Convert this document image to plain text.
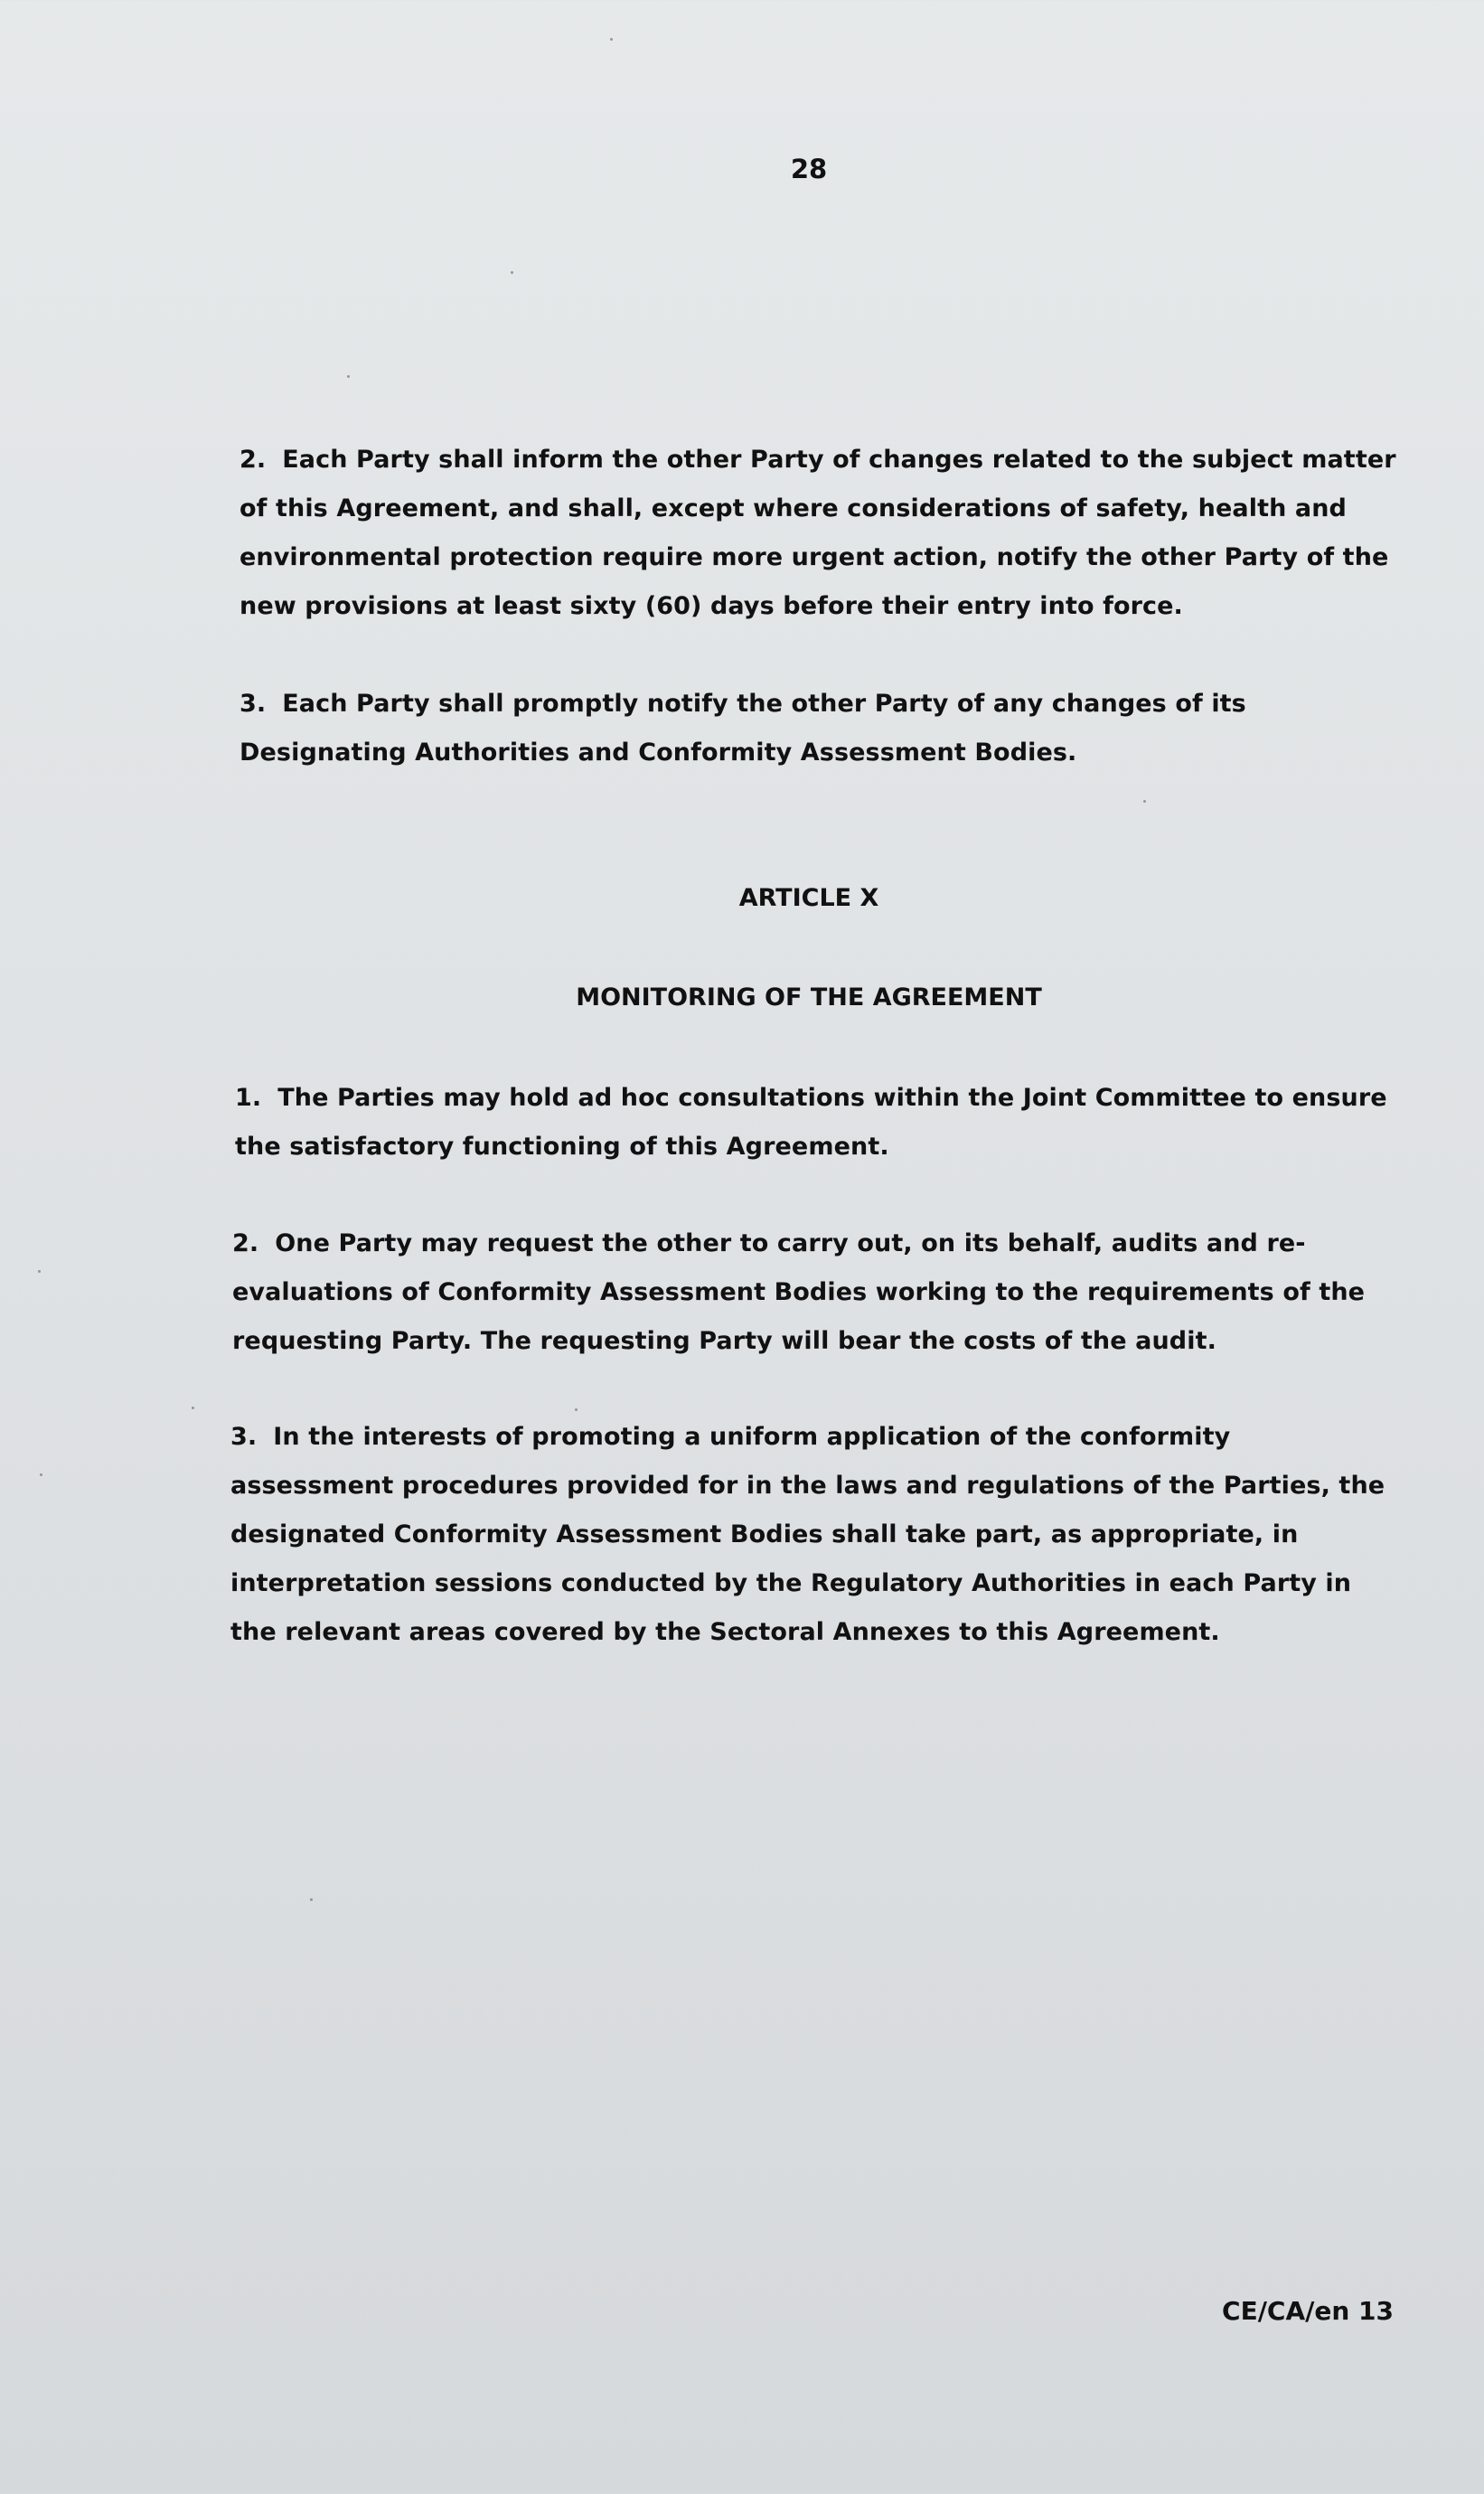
28
2. Each Party shall inform the other Party of changes related to the subject matter of this Agreement, and shall, except where considerations of safety, health and environmental protection require more urgent action, notify the other Party of the new provisions at least sixty (60) days before their entry into force.
3. Each Party shall promptly notify the other Party of any changes of its Designating Authorities and Conformity Assessment Bodies.
ARTICLE X
MONITORING OF THE AGREEMENT
1. The Parties may hold ad hoc consultations within the Joint Committee to ensure the satisfactory functioning of this Agreement.
2. One Party may request the other to carry out, on its behalf, audits and re-evaluations of Conformity Assessment Bodies working to the requirements of the requesting Party. The requesting Party will bear the costs of the audit.
3. In the interests of promoting a uniform application of the conformity assessment procedures provided for in the laws and regulations of the Parties, the designated Conformity Assessment Bodies shall take part, as appropriate, in interpretation sessions conducted by the Regulatory Authorities in each Party in the relevant areas covered by the Sectoral Annexes to this Agreement.
CE/CA/en 13
